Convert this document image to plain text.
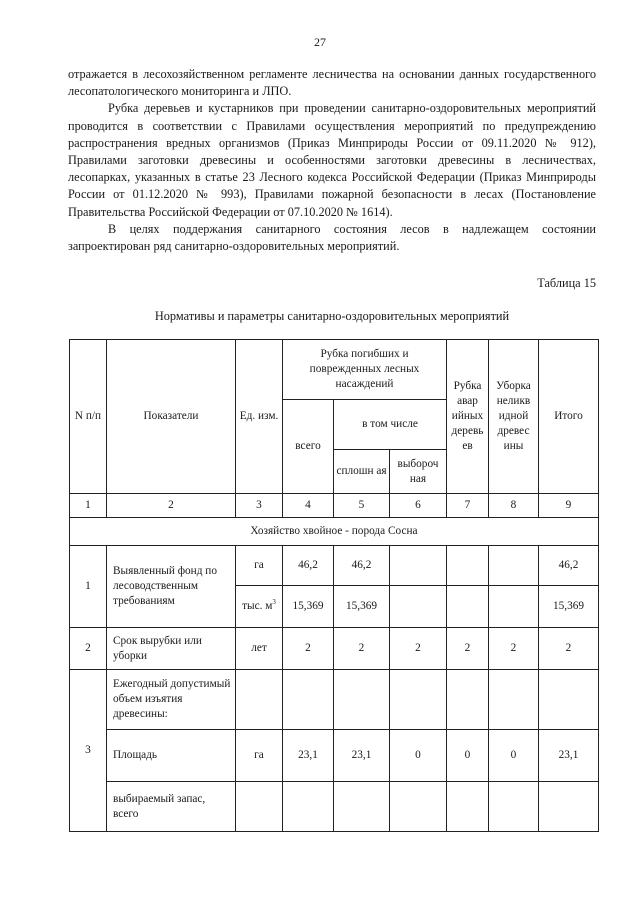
27

отражается в лесохозяйственном регламенте лесничества на основании данных государственного лесопатологического мониторинга и ЛПО.

Рубка деревьев и кустарников при проведении санитарно-оздоровительных мероприятий проводится в соответствии с Правилами осуществления мероприятий по предупреждению распространения вредных организмов (Приказ Минприроды России от 09.11.2020 № 912), Правилами заготовки древесины и особенностями заготовки древесины в лесничествах, лесопарках, указанных в статье 23 Лесного кодекса Российской Федерации (Приказ Минприроды России от 01.12.2020 № 993), Правилами пожарной безопасности в лесах (Постановление Правительства Российской Федерации от 07.10.2020 № 1614).

В целях поддержания санитарного состояния лесов в надлежащем состоянии запроектирован ряд санитарно-оздоровительных мероприятий.

Таблица 15
Нормативы и параметры санитарно-оздоровительных мероприятий
N п/п	Показатели	Ед. изм.	Рубка погибших и поврежденных лесных насаждений			Рубка авар ийных деревь ев	Уборка неликв идной древес ины	Итого	
			всего	в том числе					
				сплошн ая	выбороч ная				
1	2	3	4	5	6	7	8	9	
Хозяйство хвойное - порода Сосна									
1	Выявленный фонд по лесоводственным требованиям	га	46,2	46,2				46,2	
		тыс. $м^3$	15,369	15,369				15,369	
2	Срок вырубки или уборки	лет	2	2	2	2	2	2	
3	Ежегодный допустимый объем изъятия древесины:								
	Площадь	га	23,1	23,1	0	0	0	23,1	
	выбираемый запас, всего								
